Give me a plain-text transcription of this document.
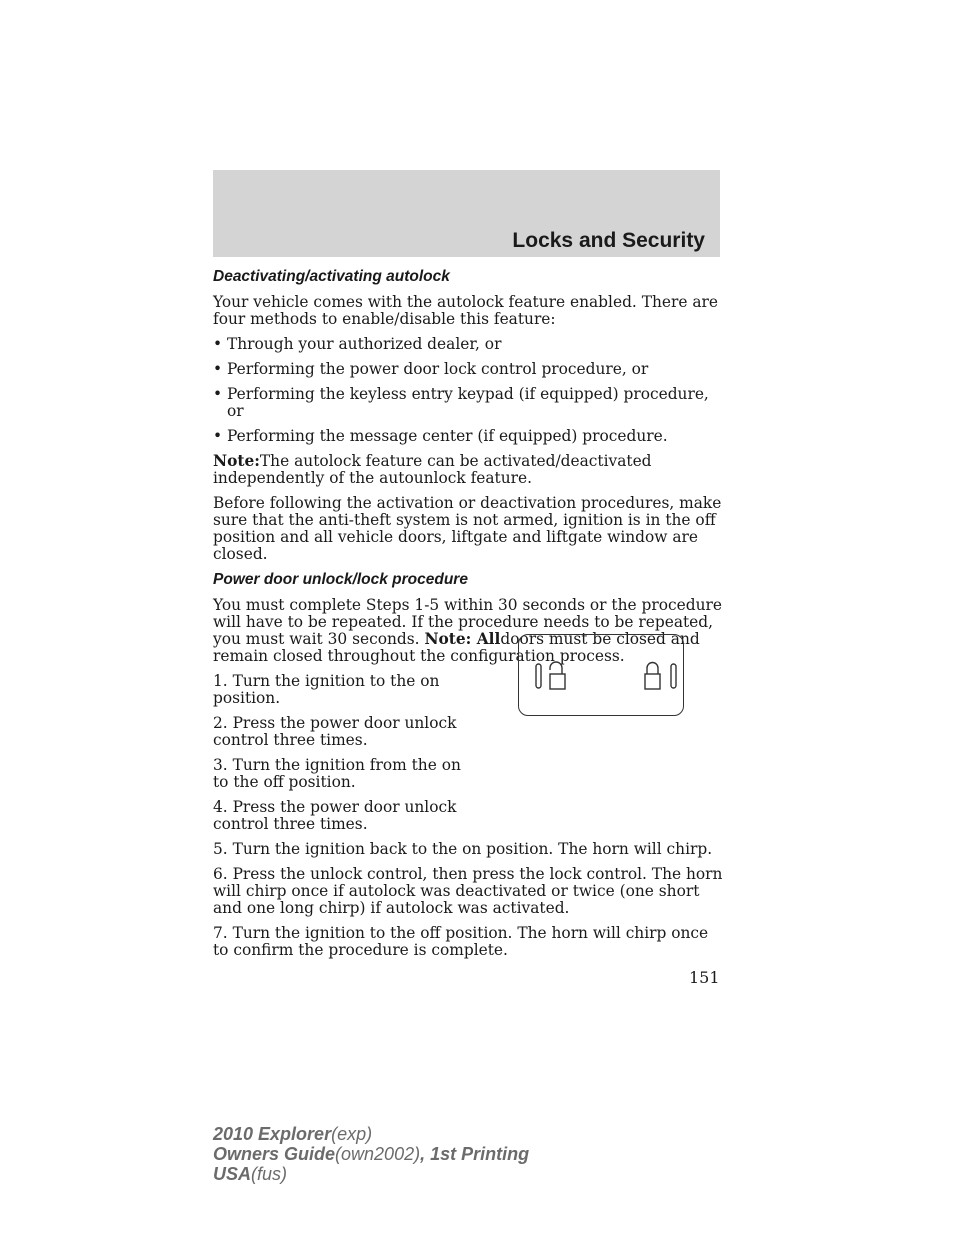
Locks and Security
Deactivating/activating autolock

Your vehicle comes with the autolock feature enabled. There are four methods to enable/disable this feature:

• Through your authorized dealer, or
• Performing the power door lock control procedure, or
• Performing the keyless entry keypad (if equipped) procedure, or
• Performing the message center (if equipped) procedure.

Note:The autolock feature can be activated/deactivated independently of the autounlock feature.

Before following the activation or deactivation procedures, make sure that the anti-theft system is not armed, ignition is in the off position and all vehicle doors, liftgate and liftgate window are closed.

Power door unlock/lock procedure

You must complete Steps 1-5 within 30 seconds or the procedure will have to be repeated. If the procedure needs to be repeated, you must wait 30 seconds. Note: Alldoors must be closed and remain closed throughout the configuration process.

1. Turn the ignition to the on position.

2. Press the power door unlock control three times.

3. Turn the ignition from the on to the off position.

4. Press the power door unlock control three times.

5. Turn the ignition back to the on position. The horn will chirp.

6. Press the unlock control, then press the lock control. The horn will chirp once if autolock was deactivated or twice (one short and one long chirp) if autolock was activated.

7. Turn the ignition to the off position. The horn will chirp once to confirm the procedure is complete.

151
2010 Explorer(exp)
Owners Guide(own2002), 1st Printing
USA(fus)
